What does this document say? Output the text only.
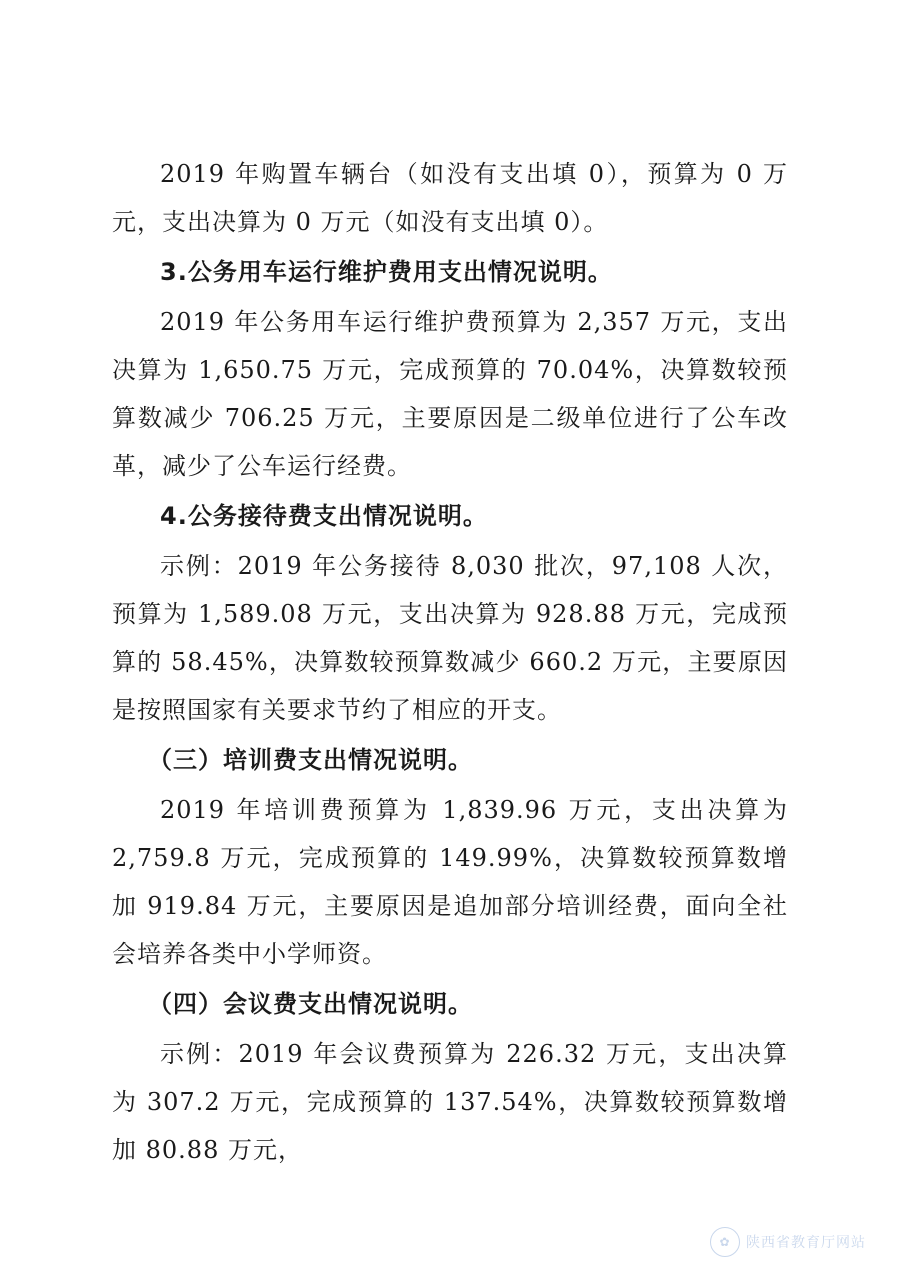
2019 年购置车辆台（如没有支出填 0），预算为 0 万元，支出决算为 0 万元（如没有支出填 0）。

3.公务用车运行维护费用支出情况说明。

2019 年公务用车运行维护费预算为 2,357 万元，支出决算为 1,650.75 万元，完成预算的 70.04%，决算数较预算数减少 706.25 万元，主要原因是二级单位进行了公车改革，减少了公车运行经费。

4.公务接待费支出情况说明。

示例：2019 年公务接待 8,030 批次，97,108 人次，预算为 1,589.08 万元，支出决算为 928.88 万元，完成预算的 58.45%，决算数较预算数减少 660.2 万元，主要原因是按照国家有关要求节约了相应的开支。

（三）培训费支出情况说明。

2019 年培训费预算为 1,839.96 万元，支出决算为 2,759.8 万元，完成预算的 149.99%，决算数较预算数增加 919.84 万元，主要原因是追加部分培训经费，面向全社会培养各类中小学师资。

（四）会议费支出情况说明。

示例：2019 年会议费预算为 226.32 万元，支出决算为 307.2 万元，完成预算的 137.54%，决算数较预算数增加 80.88 万元，

✿	陕西省教育厅网站
